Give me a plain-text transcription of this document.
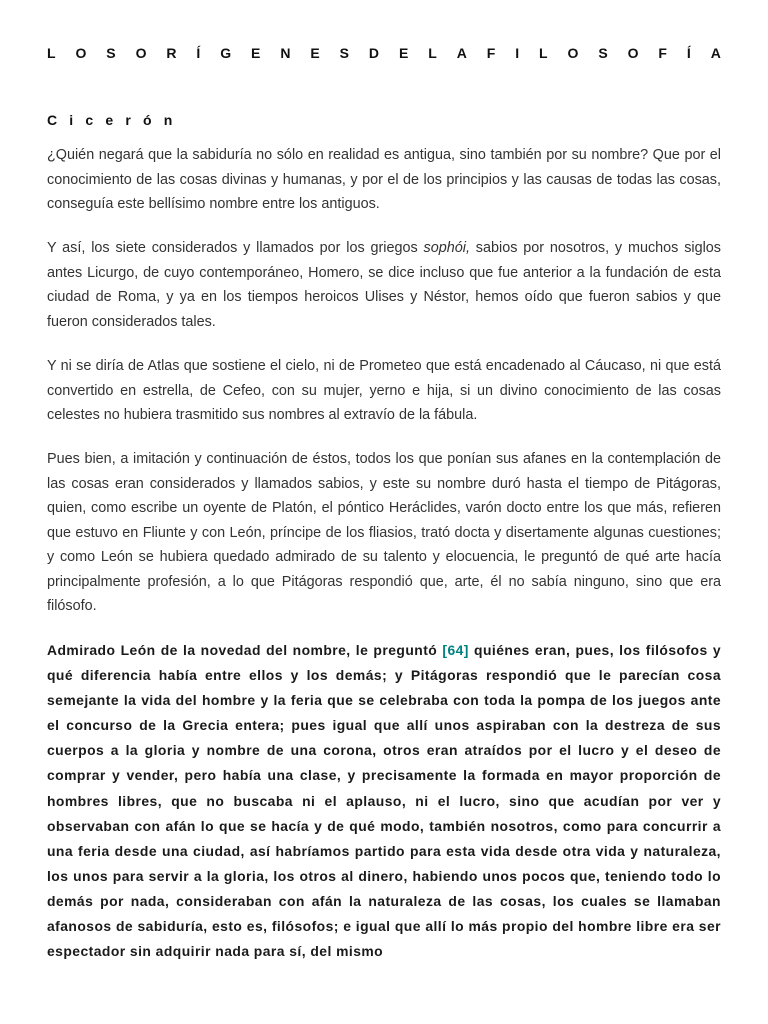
L O S O R Í G E N E S D E L A F I L O S O F Í A
Cicerón

¿Quién negará que la sabiduría no sólo en realidad es antigua, sino también por su nombre? Que por el conocimiento de las cosas divinas y humanas, y por el de los principios y las causas de todas las cosas, conseguía este bellísimo nombre entre los antiguos.

Y así, los siete considerados y llamados por los griegos sophói, sabios por nosotros, y muchos siglos antes Licurgo, de cuyo contemporáneo, Homero, se dice incluso que fue anterior a la fundación de esta ciudad de Roma, y ya en los tiempos heroicos Ulises y Néstor, hemos oído que fueron sabios y que fueron considerados tales.

Y ni se diría de Atlas que sostiene el cielo, ni de Prometeo que está encadenado al Cáucaso, ni que está convertido en estrella, de Cefeo, con su mujer, yerno e hija, si un divino conocimiento de las cosas celestes no hubiera trasmitido sus nombres al extravío de la fábula.

Pues bien, a imitación y continuación de éstos, todos los que ponían sus afanes en la contemplación de las cosas eran considerados y llamados sabios, y este su nombre duró hasta el tiempo de Pitágoras, quien, como escribe un oyente de Platón, el póntico Heráclides, varón docto entre los que más, refieren que estuvo en Fliunte y con León, príncipe de los fliasios, trató docta y disertamente algunas cuestiones; y como León se hubiera quedado admirado de su talento y elocuencia, le preguntó de qué arte hacía principalmente profesión, a lo que Pitágoras respondió que, arte, él no sabía ninguno, sino que era filósofo.

Admirado León de la novedad del nombre, le preguntó [64] quiénes eran, pues, los filósofos y qué diferencia había entre ellos y los demás; y Pitágoras respondió que le parecían cosa semejante la vida del hombre y la feria que se celebraba con toda la pompa de los juegos ante el concurso de la Grecia entera; pues igual que allí unos aspiraban con la destreza de sus cuerpos a la gloria y nombre de una corona, otros eran atraídos por el lucro y el deseo de comprar y vender, pero había una clase, y precisamente la formada en mayor proporción de hombres libres, que no buscaba ni el aplauso, ni el lucro, sino que acudían por ver y observaban con afán lo que se hacía y de qué modo, también nosotros, como para concurrir a una feria desde una ciudad, así habríamos partido para esta vida desde otra vida y naturaleza, los unos para servir a la gloria, los otros al dinero, habiendo unos pocos que, teniendo todo lo demás por nada, consideraban con afán la naturaleza de las cosas, los cuales se llamaban afanosos de sabiduría, esto es, filósofos; e igual que allí lo más propio del hombre libre era ser espectador sin adquirir nada para sí, del mismo
